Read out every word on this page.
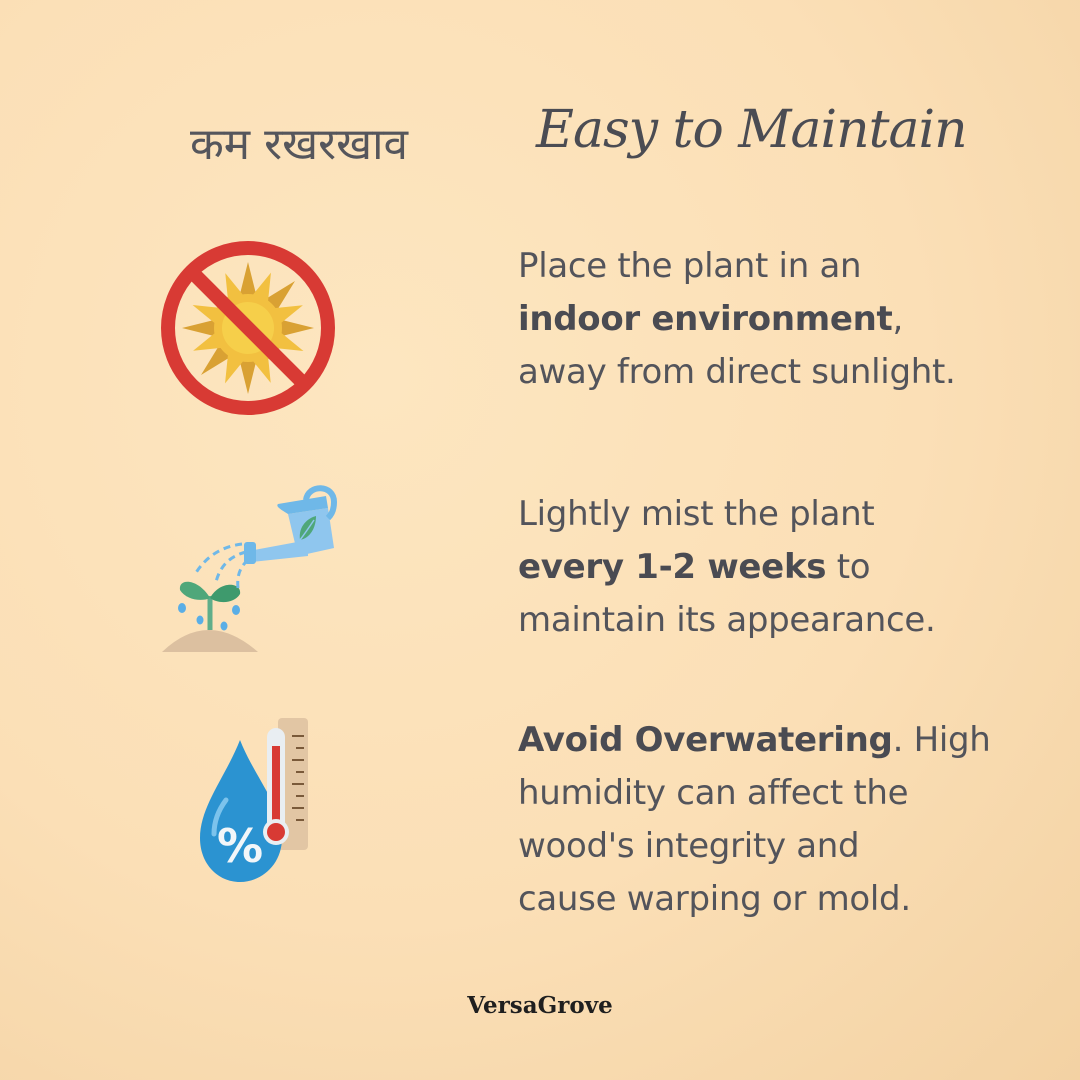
कम रखरखाव	Easy to Maintain
Place the plant in an
indoor environment,
away from direct sunlight.
Lightly mist the plant
every 1-2 weeks to
maintain its appearance.
%
Avoid Overwatering. High
humidity can affect the
wood's integrity and
cause warping or mold.
VersaGrove
